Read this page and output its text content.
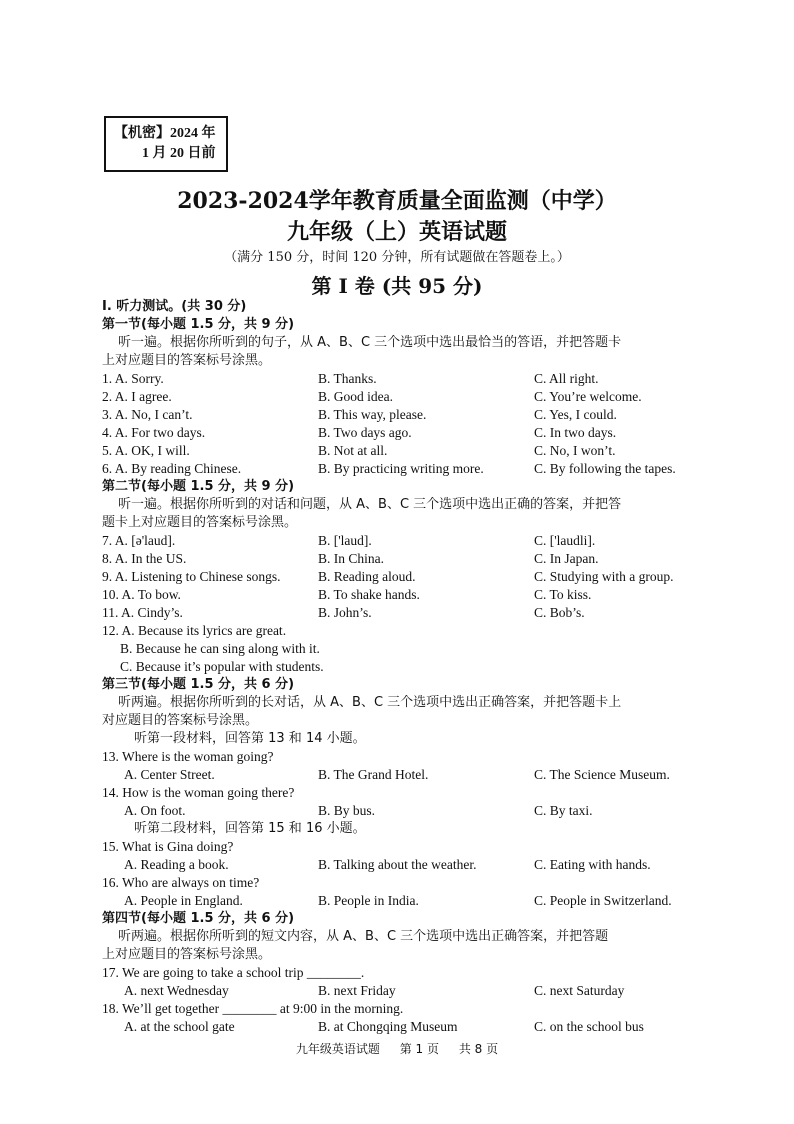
【机密】2024 年
1 月 20 日前
2023-2024学年教育质量全面监测（中学）
九年级（上）英语试题
（满分 150 分，时间 120 分钟，所有试题做在答题卷上。）
第 I 卷 (共 95 分)
I. 听力测试。(共 30 分)
第一节(每小题 1.5 分，共 9 分)
听一遍。根据你所听到的句子，从 A、B、C 三个选项中选出最恰当的答语，并把答题卡
上对应题目的答案标号涂黑。
1. A. Sorry.	B. Thanks.	C. All right.
2. A. I agree.	B. Good idea.	C. You’re welcome.
3. A. No, I can’t.	B. This way, please.	C. Yes, I could.
4. A. For two days.	B. Two days ago.	C. In two days.
5. A. OK, I will.	B. Not at all.	C. No, I won’t.
6. A. By reading Chinese.	B. By practicing writing more.	C. By following the tapes.
第二节(每小题 1.5 分，共 9 分)
听一遍。根据你所听到的对话和问题，从 A、B、C 三个选项中选出正确的答案，并把答
题卡上对应题目的答案标号涂黑。
7. A. [ə'laud].	B. ['laud].	C. ['laudli].
8. A. In the US.	B. In China.	C. In Japan.
9. A. Listening to Chinese songs.	B. Reading aloud.	C. Studying with a group.
10. A. To bow.	B. To shake hands.	C. To kiss.
11. A. Cindy’s.	B. John’s.	C. Bob’s.
12. A. Because its lyrics are great.
B. Because he can sing along with it.
C. Because it’s popular with students.
第三节(每小题 1.5 分，共 6 分)
听两遍。根据你所听到的长对话，从 A、B、C 三个选项中选出正确答案，并把答题卡上
对应题目的答案标号涂黑。
听第一段材料，回答第 13 和 14 小题。
13. Where is the woman going?
A. Center Street.	B. The Grand Hotel.	C. The Science Museum.
14. How is the woman going there?
A. On foot.	B. By bus.	C. By taxi.
听第二段材料，回答第 15 和 16 小题。
15. What is Gina doing?
A. Reading a book.	B. Talking about the weather.	C. Eating with hands.
16. Who are always on time?
A. People in England.	B. People in India.	C. People in Switzerland.
第四节(每小题 1.5 分，共 6 分)
听两遍。根据你所听到的短文内容，从 A、B、C 三个选项中选出正确答案，并把答题
上对应题目的答案标号涂黑。
17. We are going to take a school trip ________.
A. next Wednesday	B. next Friday	C. next Saturday
18. We’ll get together ________ at 9:00 in the morning.
A. at the school gate	B. at Chongqing Museum	C. on the school bus
九年级英语试题 第 1 页 共 8 页
